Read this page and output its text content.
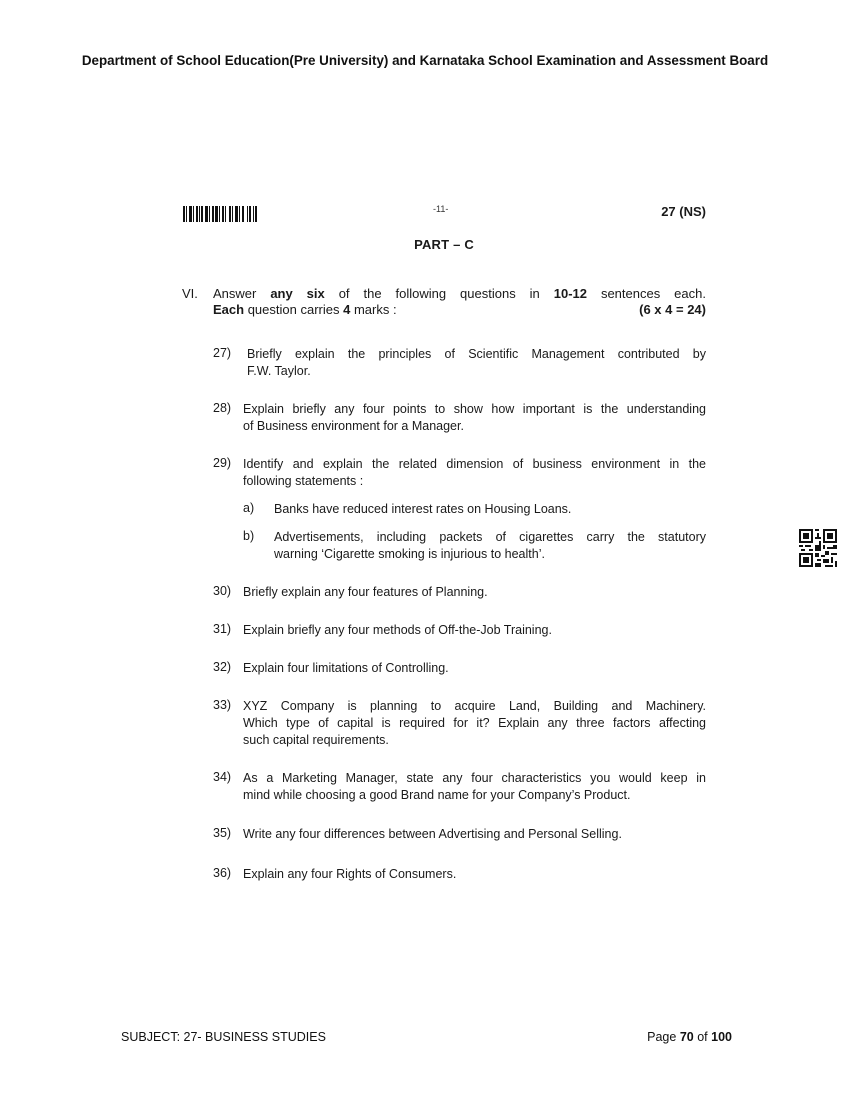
Department of School Education(Pre University) and Karnataka School Examination and Assessment Board
-11-	27 (NS)
PART – C
VI. Answer any six of the following questions in 10-12 sentences each.
Each question carries 4 marks :	(6 x 4 = 24)
27) Briefly explain the principles of Scientific Management contributed by
F.W. Taylor.
28) Explain briefly any four points to show how important is the understanding
of Business environment for a Manager.
29) Identify and explain the related dimension of business environment in the
following statements :
a) Banks have reduced interest rates on Housing Loans.
b) Advertisements, including packets of cigarettes carry the statutory
warning ‘Cigarette smoking is injurious to health’.
30) Briefly explain any four features of Planning.
31) Explain briefly any four methods of Off-the-Job Training.
32) Explain four limitations of Controlling.
33) XYZ Company is planning to acquire Land, Building and Machinery.
Which type of capital is required for it? Explain any three factors affecting
such capital requirements.
34) As a Marketing Manager, state any four characteristics you would keep in
mind while choosing a good Brand name for your Company’s Product.
35) Write any four differences between Advertising and Personal Selling.
36) Explain any four Rights of Consumers.
SUBJECT: 27- BUSINESS STUDIES	Page 70 of 100
